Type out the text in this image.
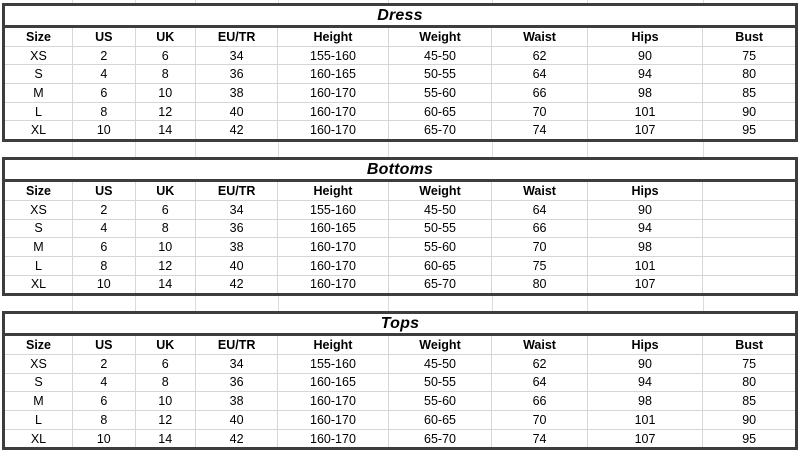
Dress								
Size	US	UK	EU/TR	Height	Weight	Waist	Hips	Bust
XS	2	6	34	155-160	45-50	62	90	75
S	4	8	36	160-165	50-55	64	94	80
M	6	10	38	160-170	55-60	66	98	85
L	8	12	40	160-170	60-65	70	101	90
XL	10	14	42	160-170	65-70	74	107	95
Bottoms								
Size	US	UK	EU/TR	Height	Weight	Waist	Hips	
XS	2	6	34	155-160	45-50	64	90	
S	4	8	36	160-165	50-55	66	94	
M	6	10	38	160-170	55-60	70	98	
L	8	12	40	160-170	60-65	75	101	
XL	10	14	42	160-170	65-70	80	107	
Tops								
Size	US	UK	EU/TR	Height	Weight	Waist	Hips	Bust
XS	2	6	34	155-160	45-50	62	90	75
S	4	8	36	160-165	50-55	64	94	80
M	6	10	38	160-170	55-60	66	98	85
L	8	12	40	160-170	60-65	70	101	90
XL	10	14	42	160-170	65-70	74	107	95
